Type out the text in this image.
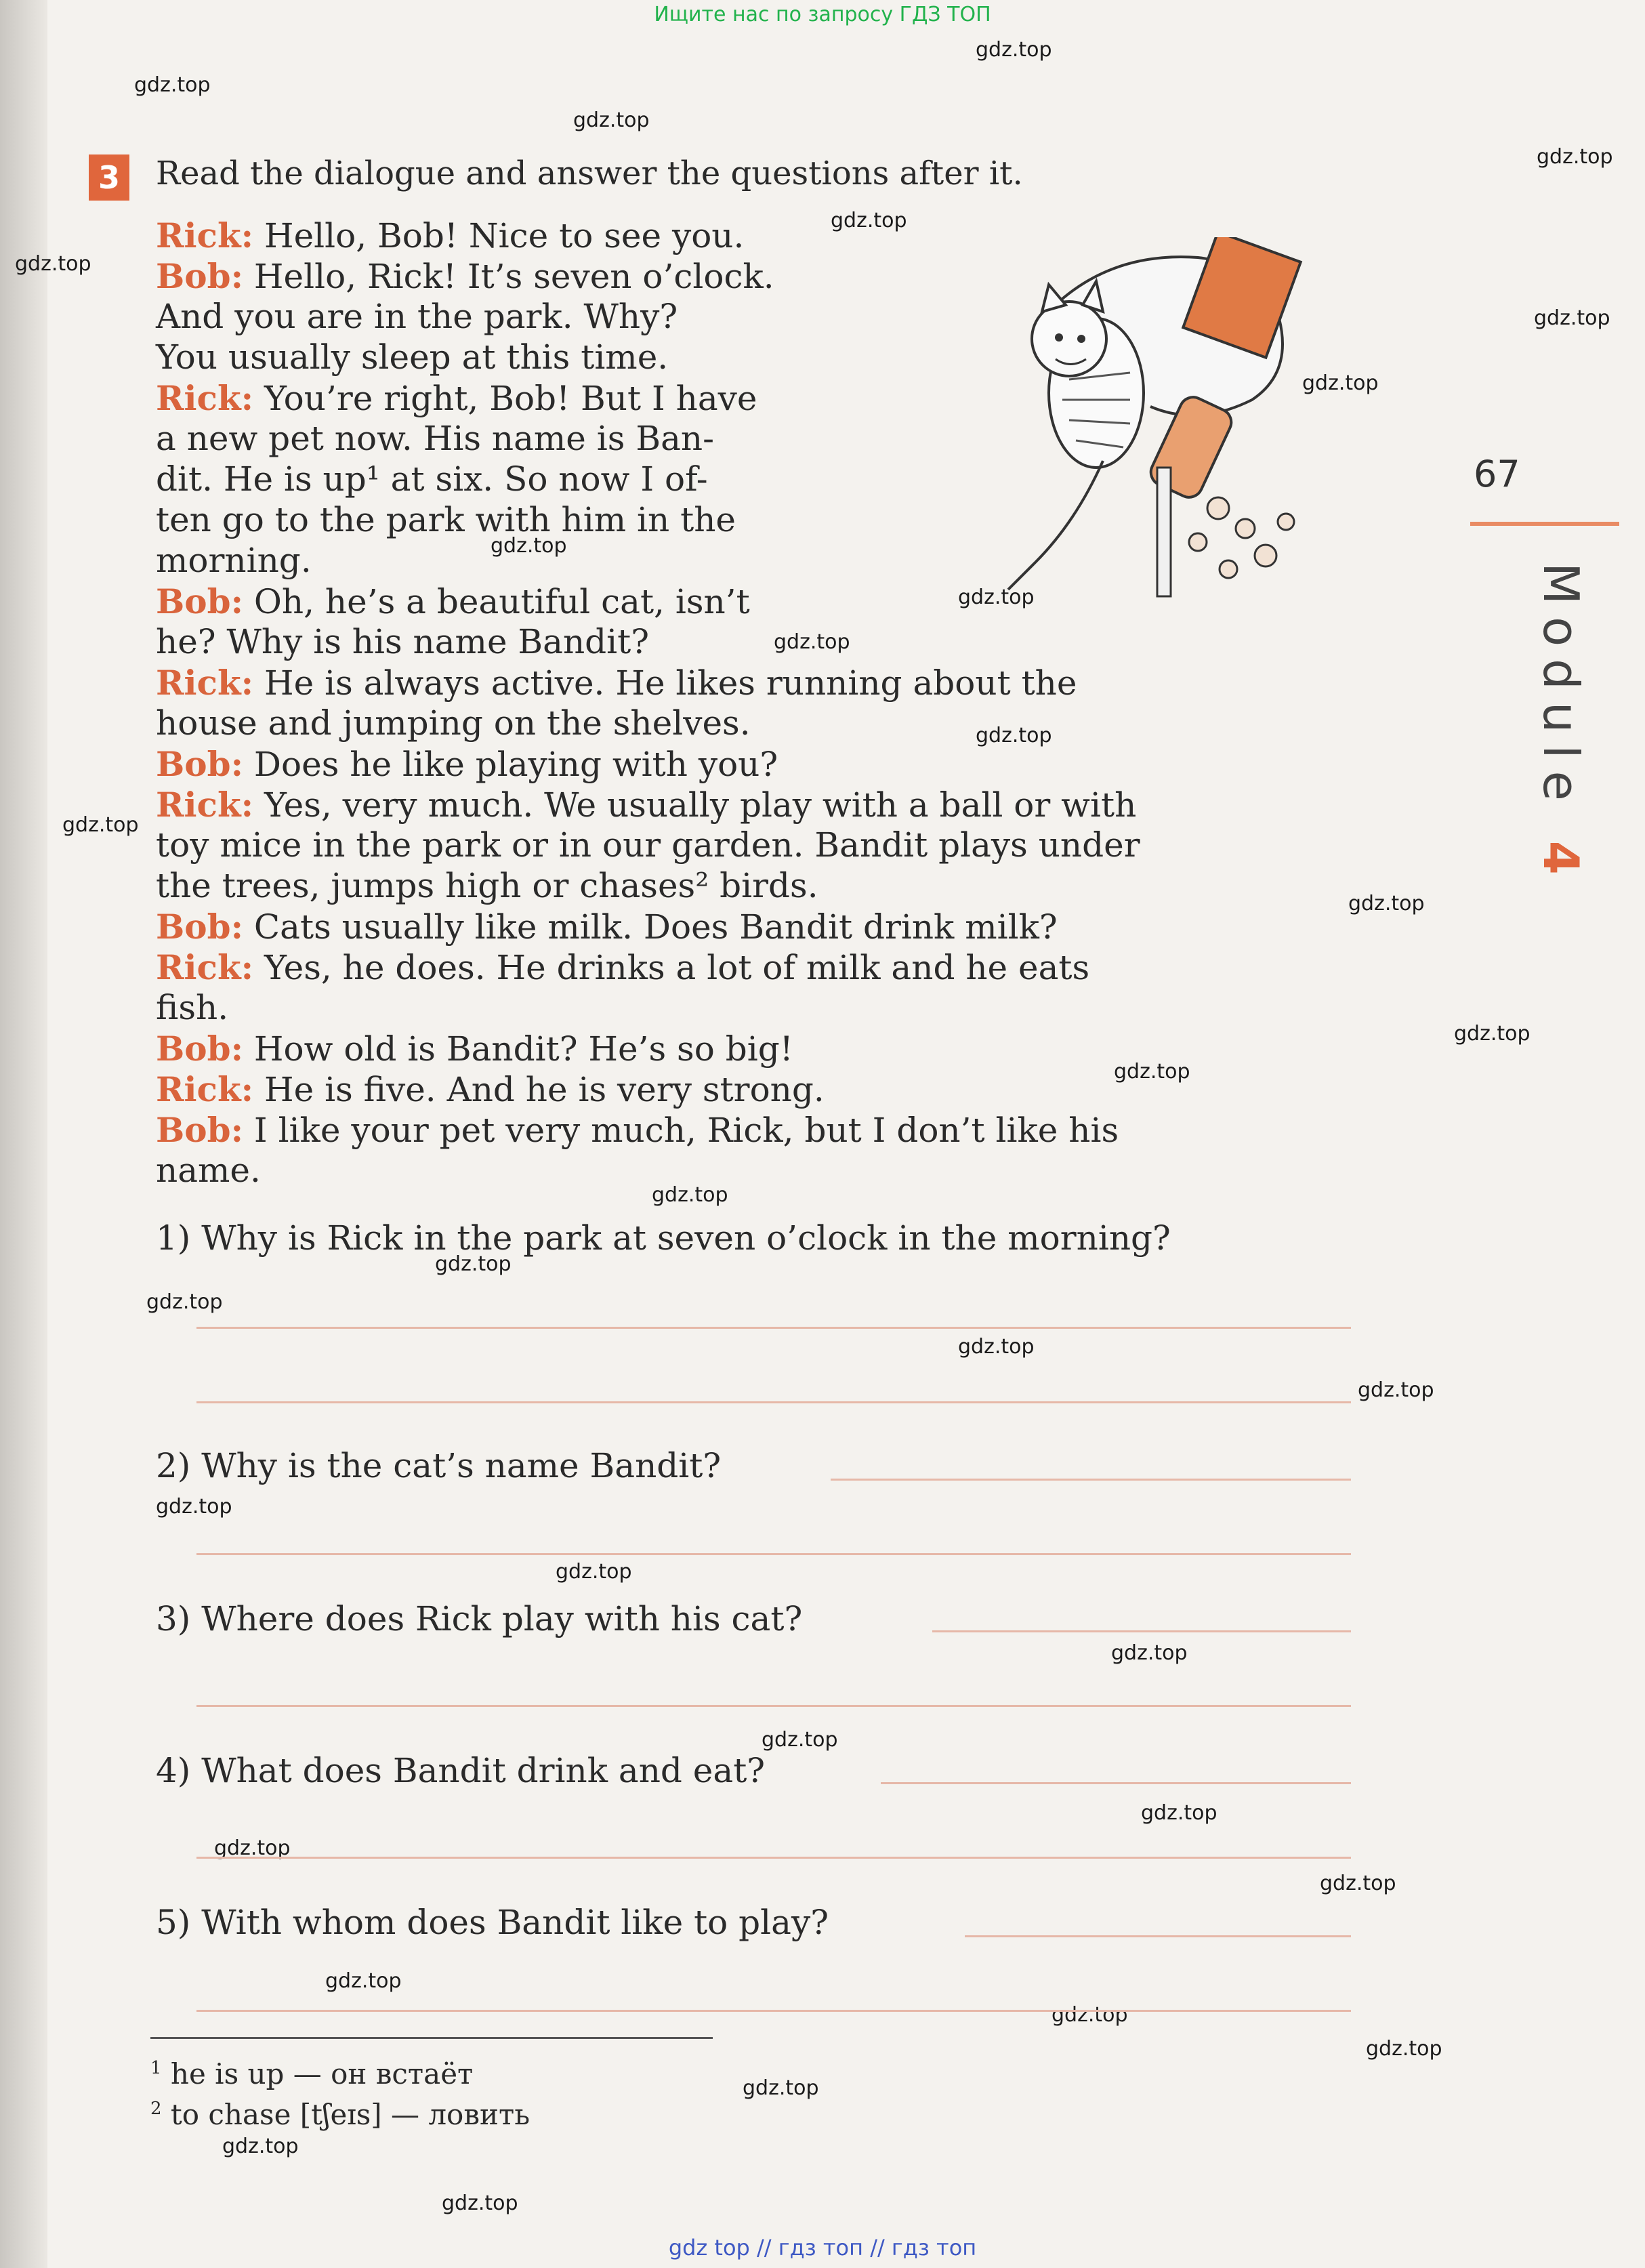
Ищите нас по запросу ГДЗ ТОП
gdz.top
gdz.top
gdz.top
gdz.top
gdz.top
gdz.top
gdz.top
gdz.top
gdz.top
gdz.top
gdz.top
gdz.top
gdz.top
gdz.top
gdz.top
gdz.top
gdz.top
gdz.top
gdz.top
gdz.top
gdz.top
gdz.top
gdz.top
gdz.top
gdz.top
gdz.top
gdz.top
gdz.top
gdz.top
gdz.top
gdz.top
gdz.top
gdz.top
gdz.top
3 Read the dialogue and answer the questions after it.
Rick: Hello, Bob! Nice to see you.
Bob: Hello, Rick! It’s seven o’clock.
And you are in the park. Why?
You usually sleep at this time.
Rick: You’re right, Bob! But I have
a new pet now. His name is Ban-
dit. He is up¹ at six. So now I of-
ten go to the park with him in the
morning.
Bob: Oh, he’s a beautiful cat, isn’t
he? Why is his name Bandit?
Rick: He is always active. He likes running about the
house and jumping on the shelves.
Bob: Does he like playing with you?
Rick: Yes, very much. We usually play with a ball or with
toy mice in the park or in our garden. Bandit plays under
the trees, jumps high or chases² birds.
Bob: Cats usually like milk. Does Bandit drink milk?
Rick: Yes, he does. He drinks a lot of milk and he eats
fish.
Bob: How old is Bandit? He’s so big!
Rick: He is five. And he is very strong.
Bob: I like your pet very much, Rick, but I don’t like his
name.
67
Module 4
1) Why is Rick in the park at seven o’clock in the morning?
2) Why is the cat’s name Bandit?
3) Where does Rick play with his cat?
4) What does Bandit drink and eat?
5) With whom does Bandit like to play?
$^1$ he is up — он встаёт
$^2$ to chase [tʃeɪs] — ловить
gdz top // гдз топ // гдз топ
